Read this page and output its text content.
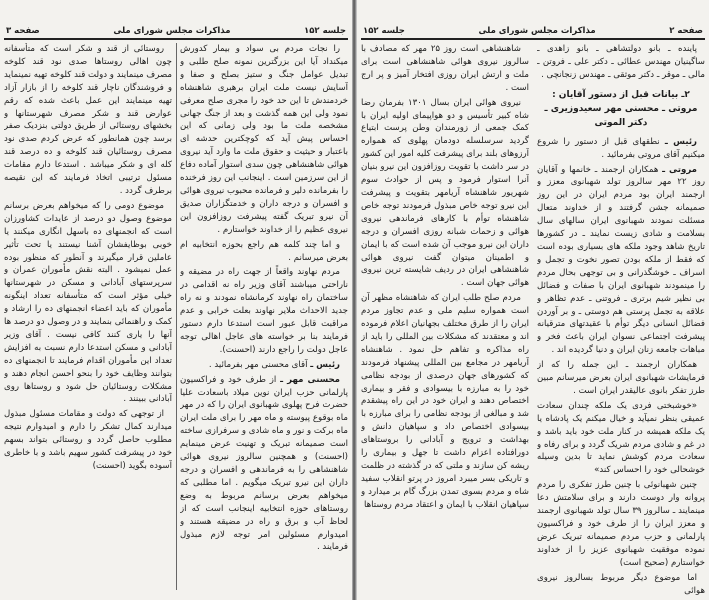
صفحه ۳	مذاکرات مجلس شورای ملی	جلسه ۱۵۲

را نجات مردم بی سواد و بیمار کدورش میکنداد آیا این بزرگترین نمونه صلح طلبی و تبدیل عوامل جنگ و ستیز بصلح و صفا و آسایش نیست ملت ایران برهبری شاهنشاه خردمندش تا این حد خود را مجری صلح معرفی نمود ولی این همه گذشت و بعد از جنگ جهانی مشخصه ملت ما بود ولی زمانی که این احساس پیش آید که کوچکترین حدشه ای باعتبار و حیثیت و حقوق ملت ما وارد آید نیروی هوائی شاهنشاهی چون سدی استوار آماده دفاع از این سرزمین است . اینجانب این روز فرخنده را بفرمانده دلیر و فرمانده محبوب نیروی هوائی و افسران و درجه داران و خدمتگزاران صدیق آن نیرو تبریک گفته پیشرفت روزافزون این نیروی عظیم را از خداوند خواستارم .

و اما چند کلمه هم راجع بحوزه انتخابیه ام بعرض میرسانم .

مردم نهاوند واقعاً از جهت راه در مضیقه و ناراحتی میباشند آقای وزیر راه نه اقدامی در ساختمان راه نهاوند کرمانشاه نمودند و نه راه جدید الاحداث ملایر نهاوند بعلت خرابی و عدم مراقبت قابل عبور است استدعا دارم دستور فرمایند بنا بر خواسته های عاجل اهالی توجه عاجل دولت را راجع دارند (احسنت).

رئیس ـ آقای محسنی مهر بفرمائید .

محسنی مهر ـ از طرف خود و فراکسیون پارلمانی حزب ایران نوین میلاد باسعادت علیا حضرت فرح پهلوی شهبانوی ایران را که در مهر ماه بوقوع پیوسته و ماه مهر را برای ملت ایران ماه برکت و نور و ماه شادی و سرفرازی ساخته است صمیمانه تبریک و تهنیت عرض مینمایم (احسنت) و همچنین سالروز نیروی هوائی شاهنشاهی را به فرماندهی و افسران و درجه داران این نیرو تبریک میگویم . اما مطلبی که میخواهم بعرض برسانم مربوط به وضع روستاهای حوزه انتخابیه اینجانب است که از لحاظ آب و برق و راه در مضیقه هستند و امیدوارم مسئولین امر توجه لازم مبذول فرمایند .

روستائی از قند و شکر است که متأسفانه چون اهالی روستاها صدی نود قند کلوخه مصرف مینمایند و دولت قند کلوخه تهیه نمینماید و فروشندگان ناچار قند کلوخه را از بازار آزاد تهیه مینمایند این عمل باعث شده که رقم عوارض قند و شکر مصرف شهرستانها و بخشهای روستائی از طریق دولتی بنزدیک صفر برسد چون همانطور که عرض کردم صدی نود مصرف روستائیان قند کلوخه و ده درصد قند کله ای و شکر میباشد . استدعا دارم مقامات مسئول ترتیبی اتخاذ فرمایند که این نقیصه برطرف گردد .

موضوع دومی را که میخواهم بعرض برسانم موضوع وصول دو درصد از عایدات کشاورزان است که انجمنهای ده باسهل انگاری میکنند یا خوبی بوظایفشان آشنا نیستند یا تحت تأثیر عاملین قرار میگیرند و آنطور که منظور بوده عمل نمیشود . البته نقش مأموران عمران و سرپرستهای آبادانی و مسکن در شهرستانها خیلی مؤثر است که متأسفانه تعداد اینگونه مأموران که باید اعضاء انجمنهای ده را ارشاد و کمک و راهنمائی بنمایند و در وصول دو درصد ها آنها را یاری کنند کافی نیست . آقای وزیر آبادانی و مسکن استدعا دارم نسبت به افزایش تعداد این مأموران اقدام فرمایند تا انجمنهای ده بتوانند وظایف خود را بنحو احسن انجام دهند و مشکلات روستائیان حل شود و روستاها روی آبادانی ببینند .

از توجهی که دولت و مقامات مسئول مبذول میدارند کمال تشکر را دارم و امیدوارم نتیجه مطلوب حاصل گردد و روستائی بتواند بسهم خود در پیشرفت کشور سهیم باشد و با خاطری آسوده بگوید (احسنت)

جلسه ۱۵۲	مذاکرات مجلس شورای ملی	صفحه ۲

پاینده ـ بانو دولتشاهی ـ بانو زاهدی ـ ساگینیان مهندس عطائی ـ دکتر علی ـ فروتن ـ مالی ـ موقر ـ دکتر موثقی ـ مهندس زنجانچی .

۲ـ بیانات قبل از دستور آقایان : مروتی ـ محسنی مهر سعیدوزیری ـ دکتر الموتی

رئیس ـ نطقهای قبل از دستور را شروع میکنیم آقای مروتی بفرمائید .

مروتی ـ همکاران ارجمند ـ خانمها و آقایان روز ۲۲ مهر سالروز تولد شهبانوی معزز و ارجمند ایران بود مردم ایران در این روز صمیمانه جشن گرفتند و از خداوند متعال مسئلت نمودند شهبانوی ایران سالهای سال بسلامت و شادی زیست نمایند ـ در کشورها تاریخ شاهد وجود ملکه های بسیاری بوده است که فقط از ملکه بودن تصور نخوت و تجمل و اسراف ـ خوشگذرانی و بی توجهی بحال مردم را مینمودند شهبانوی ایران با صفات و فضائل بی نظیر شیم برتری ـ فروتنی ـ عدم تظاهر و علاقه به تجمل پرستی هم دوستی ـ و بر آوردن فضائل انسانی دیگر توأم با عقیدتهای مترقیانه پیشرفت اجتماعی نسوان ایران باعث فخر و مباهات جامعه زنان ایران و دنیا گردیده اند .

همکاران ارجمند ـ این جمله را که از فرمایشات شهبانوی ایران بعرض میرسانم مبین طرز تفکر بانوی عالیقدر ایران است .

«خوشبختی فردی یک ملکه چندان سعادت عمیقی بنظر نمیآید و خیال میکنم یک پادشاه یا یک ملکه همیشه در کنار ملت خود باید باشد و در غم و شادی مردم شریک گردد و برای رفاه و سعادت مردم کوشش نماید تا بدین وسیله خوشحالی خود را احساس کند»

چنین شهبانوئی با چنین طرز تفکری را مردم پروانه وار دوست دارند و برای سلامتش دعا مینمایند ـ سالروز ۳۹ سال تولد شهبانوی ارجمند و معزز ایران را از طرف خود و فراکسیون پارلمانی و حزب مردم صمیمانه تبریک عرض نموده موفقیت شهبانوی عزیز را از خداوند خواستارم (صحیح است)

اما موضوع دیگر مربوط بسالروز نیروی هوائی

شاهنشاهی است روز ۲۵ مهر که مصادف با سالروز نیروی هوائی شاهنشاهی است برای ملت و ارتش ایران روزی افتخار آمیز و پر ارج است .

نیروی هوائی ایران بسال ۱۳۰۱ بفرمان رضا شاه کبیر تأسیس و دو هواپیمای اولیه ایران با کمک جمعی از زورمندان وطن پرست ابتیاع گردید سرسلسله دودمان پهلوی که همواره آرزوهای بلند برای پیشرفت کلیه امور این کشور در سر داشت با تقویت روزافزون این نیرو بنیان آنرا استوار فرمود و پس از حوادث سوم شهریور شاهنشاه آریامهر بتقویت و پیشرفت این نیرو توجه خاص مبذول فرمودند توجه خاص شاهنشاه توأم با کارهای فرماندهی نیروی هوائی و زحمات شبانه روزی افسران و درجه داران این نیرو موجب آن شده است که با ایمان و اطمینان میتوان گفت نیروی هوائی شاهنشاهی ایران در ردیف شایسته ترین نیروی هوائی جهان است .

مردم صلح طلب ایران که شاهنشاه مظهر آن است همواره سلیم ملی و عدم تجاوز مردم ایران را از طرق مختلف بجهانیان اعلام فرموده اند و معتقدند که مشکلات بین المللی را باید از راه مذاکره و تفاهم حل نمود . شاهنشاه آریامهر در مجامع بین المللی پیشنهاد فرمودند که کشورهای جهان درصدی از بودجه نظامی خود را به مبارزه با بیسوادی و فقر و بیماری اختصاص دهند و ایران خود در این راه پیشقدم شد و مبالغی از بودجه نظامی را برای مبارزه با بیسوادی اختصاص داد و سپاهیان دانش و بهداشت و ترویج و آبادانی را بروستاهای دورافتاده اعزام داشت تا جهل و بیماری را ریشه کن سازند و ملتی که در گذشته در ظلمت و تاریکی بسر میبرد امروز در پرتو انقلاب سفید شاه و مردم بسوی تمدن بزرگ گام بر میدارد و سپاهیان انقلاب با ایمان و اعتقاد مردم روستاها
